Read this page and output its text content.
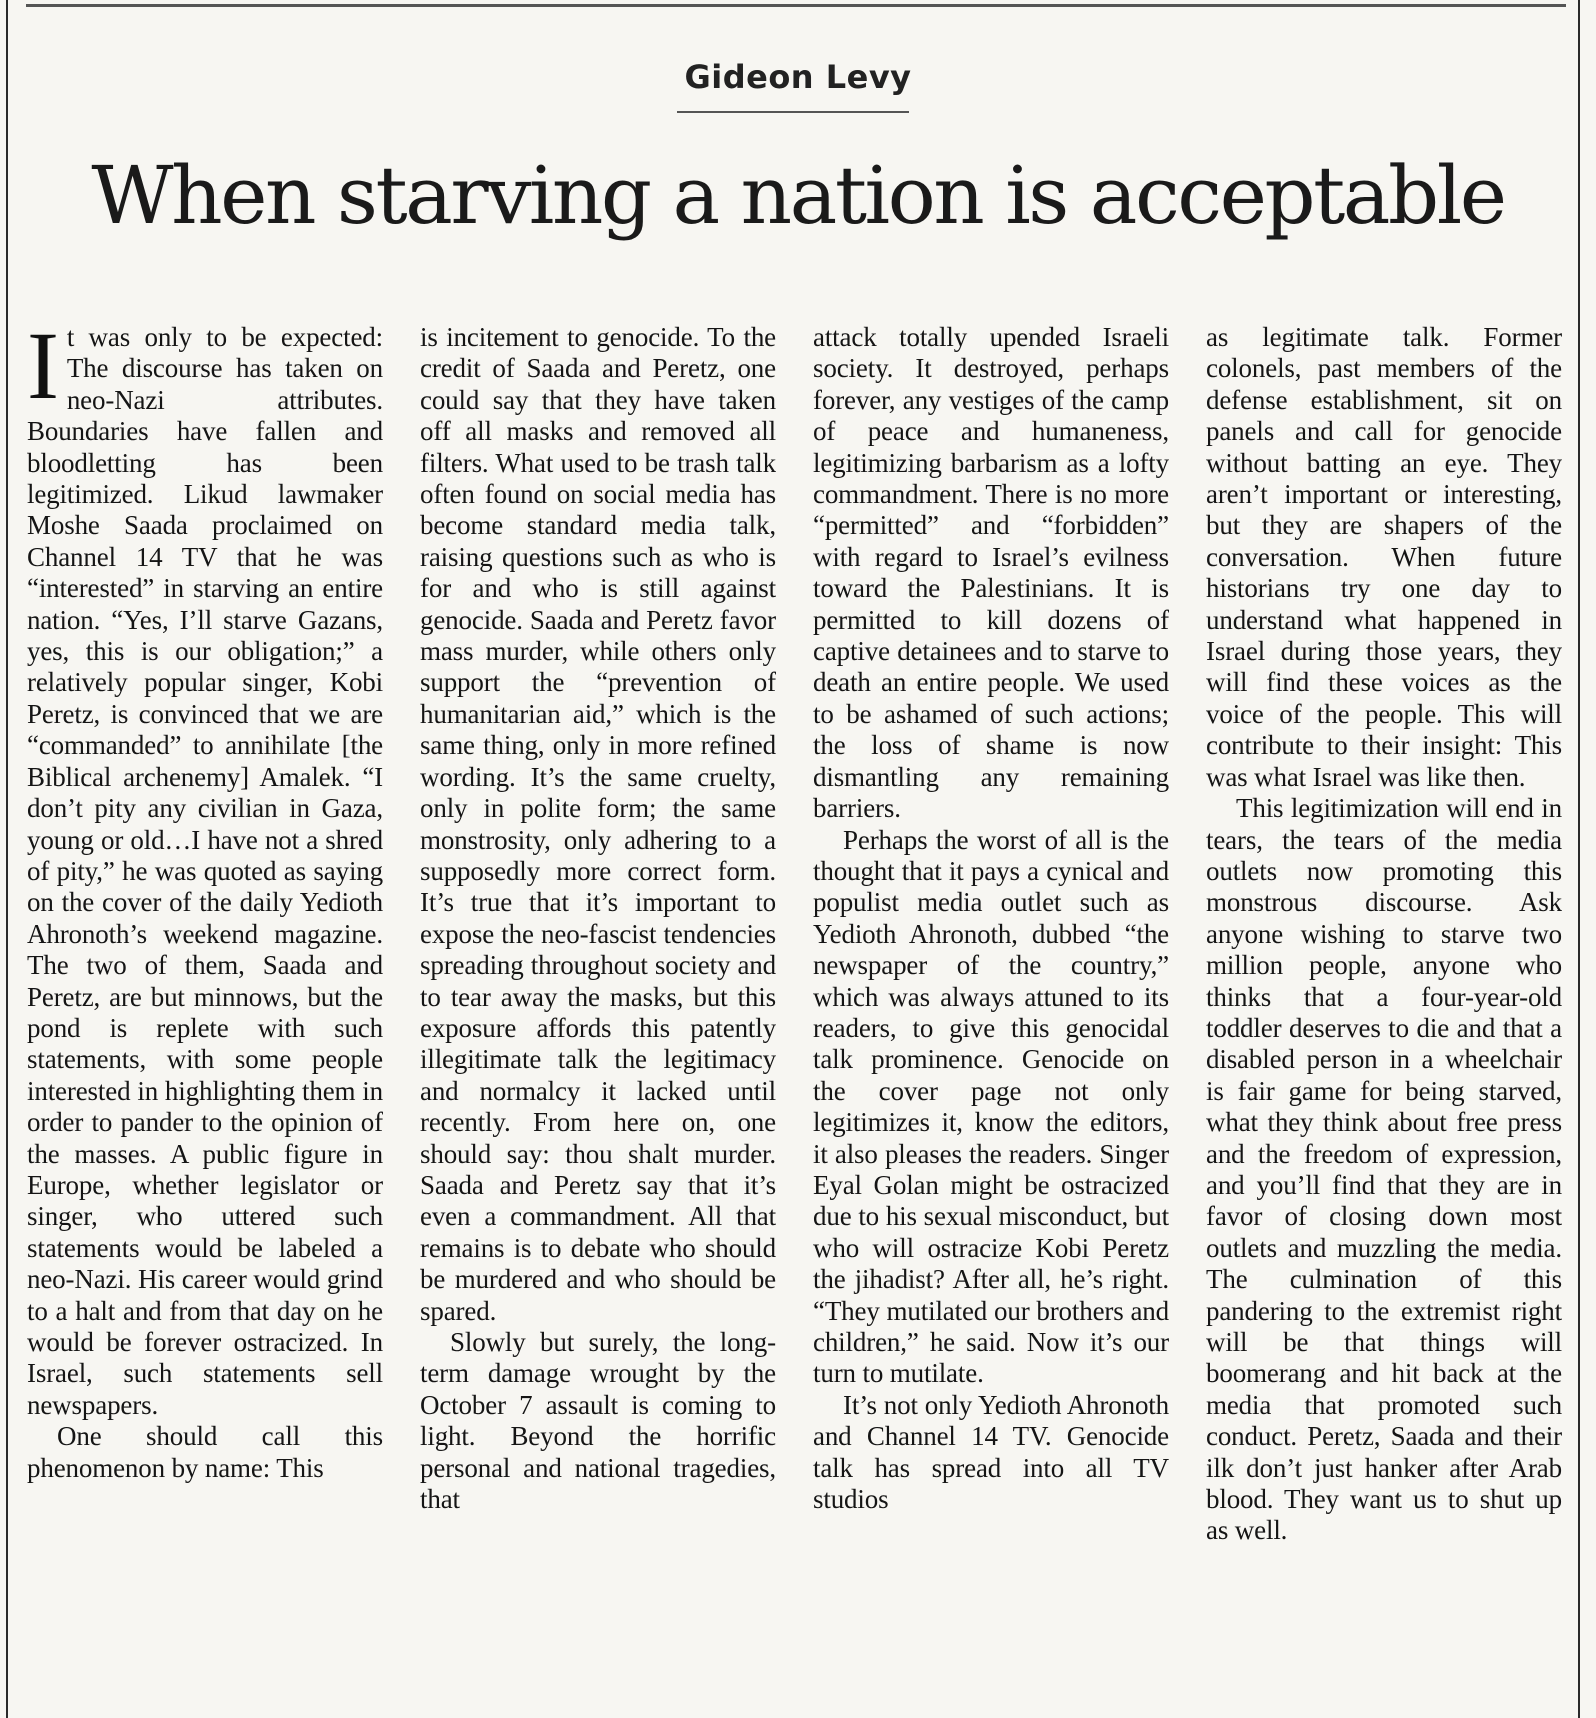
Gideon Levy
When starving a nation is acceptable

It was only to be expected: The discourse has taken on neo-Nazi attributes. Boundaries have fallen and bloodletting has been legitimized. Likud lawmaker Moshe Saada proclaimed on Channel 14 TV that he was “interested” in starving an entire nation. “Yes, I’ll starve Gazans, yes, this is our obligation;” a relatively popular singer, Kobi Peretz, is convinced that we are “commanded” to annihilate [the Biblical archenemy] Amalek. “I don’t pity any civilian in Gaza, young or old…I have not a shred of pity,” he was quoted as saying on the cover of the daily Yedioth Ahronoth’s weekend magazine. The two of them, Saada and Peretz, are but minnows, but the pond is replete with such statements, with some people interested in highlighting them in order to pander to the opinion of the masses. A public figure in Europe, whether legislator or singer, who uttered such statements would be labeled a neo-Nazi. His career would grind to a halt and from that day on he would be forever ostracized. In Israel, such statements sell newspapers.

One should call this phenomenon by name: This

is incitement to genocide. To the credit of Saada and Peretz, one could say that they have taken off all masks and removed all filters. What used to be trash talk often found on social media has become standard media talk, raising questions such as who is for and who is still against genocide. Saada and Peretz favor mass murder, while others only support the “prevention of humanitarian aid,” which is the same thing, only in more refined wording. It’s the same cruelty, only in polite form; the same monstrosity, only adhering to a supposedly more correct form. It’s true that it’s important to expose the neo-fascist tendencies spreading throughout society and to tear away the masks, but this exposure affords this patently illegitimate talk the legitimacy and normalcy it lacked until recently. From here on, one should say: thou shalt murder. Saada and Peretz say that it’s even a commandment. All that remains is to debate who should be murdered and who should be spared.

Slowly but surely, the long-term damage wrought by the October 7 assault is coming to light. Beyond the horrific personal and national tragedies, that

attack totally upended Israeli society. It destroyed, perhaps forever, any vestiges of the camp of peace and humaneness, legitimizing barbarism as a lofty commandment. There is no more “permitted” and “forbidden” with regard to Israel’s evilness toward the Palestinians. It is permitted to kill dozens of captive detainees and to starve to death an entire people. We used to be ashamed of such actions; the loss of shame is now dismantling any remaining barriers.

Perhaps the worst of all is the thought that it pays a cynical and populist media outlet such as Yedioth Ahronoth, dubbed “the newspaper of the country,” which was always attuned to its readers, to give this genocidal talk prominence. Genocide on the cover page not only legitimizes it, know the editors, it also pleases the readers. Singer Eyal Golan might be ostracized due to his sexual misconduct, but who will ostracize Kobi Peretz the jihadist? After all, he’s right. “They mutilated our brothers and children,” he said. Now it’s our turn to mutilate.

It’s not only Yedioth Ahronoth and Channel 14 TV. Genocide talk has spread into all TV studios

as legitimate talk. Former colonels, past members of the defense establishment, sit on panels and call for genocide without batting an eye. They aren’t important or interesting, but they are shapers of the conversation. When future historians try one day to understand what happened in Israel during those years, they will find these voices as the voice of the people. This will contribute to their insight: This was what Israel was like then.

This legitimization will end in tears, the tears of the media outlets now promoting this monstrous discourse. Ask anyone wishing to starve two million people, anyone who thinks that a four-year-old toddler deserves to die and that a disabled person in a wheelchair is fair game for being starved, what they think about free press and the freedom of expression, and you’ll find that they are in favor of closing down most outlets and muzzling the media. The culmination of this pandering to the extremist right will be that things will boomerang and hit back at the media that promoted such conduct. Peretz, Saada and their ilk don’t just hanker after Arab blood. They want us to shut up as well.
